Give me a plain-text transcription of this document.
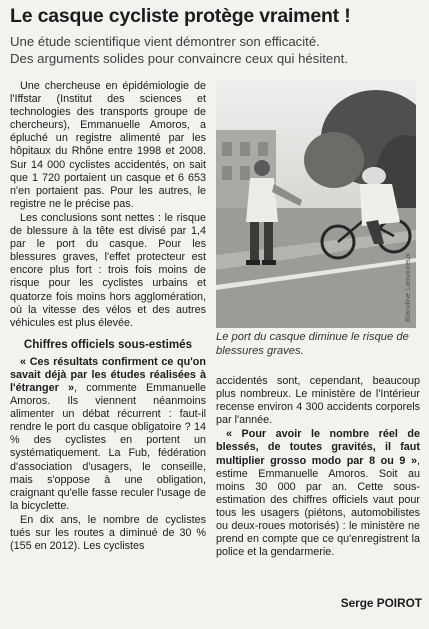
Le casque cycliste protège vraiment !
Une étude scientifique vient démontrer son efficacité.
Des arguments solides pour convaincre ceux qui hésitent.

Une chercheuse en épidémiologie de l'Iffstar (Institut des sciences et technologies des transports groupe de chercheurs), Emmanuelle Amoros, a épluché un registre alimenté par les hôpitaux du Rhône entre 1998 et 2008. Sur 14 000 cyclistes accidentés, on sait que 1 720 portaient un casque et 6 653 n'en portaient pas. Pour les autres, le registre ne le précise pas.

Les conclusions sont nettes : le risque de blessure à la tête est divisé par 1,4 par le port du casque. Pour les blessures graves, l'effet protecteur est encore plus fort : trois fois moins de risque pour les cyclistes urbains et quatorze fois moins hors agglomération, où la vitesse des vélos et des autres véhicules est plus élevée.

Chiffres officiels sous-estimés

« Ces résultats confirment ce qu'on savait déjà par les études réalisées à l'étranger », commente Emmanuelle Amoros. Ils viennent néanmoins alimenter un débat récurrent : faut-il rendre le port du casque obligatoire ? 14 % des cyclistes en portent un systématiquement. La Fub, fédération d'association d'usagers, le conseille, mais s'oppose à une obligation, craignant qu'elle fasse reculer l'usage de la bicyclette.

En dix ans, le nombre de cyclistes tués sur les routes a diminué de 30 % (155 en 2012). Les cyclistes

Blandine Lamoureux
Le port du casque diminue le risque de blessures graves.

accidentés sont, cependant, beaucoup plus nombreux. Le ministère de l'Intérieur recense environ 4 300 accidents corporels par l'année.

« Pour avoir le nombre réel de blessés, de toutes gravités, il faut multiplier grosso modo par 8 ou 9 », estime Emmanuelle Amoros. Soit au moins 30 000 par an. Cette sous-estimation des chiffres officiels vaut pour tous les usagers (piétons, automobilistes ou deux-roues motorisés) : le ministère ne prend en compte que ce qu'enregistrent la police et la gendarmerie.

Serge POIROT
